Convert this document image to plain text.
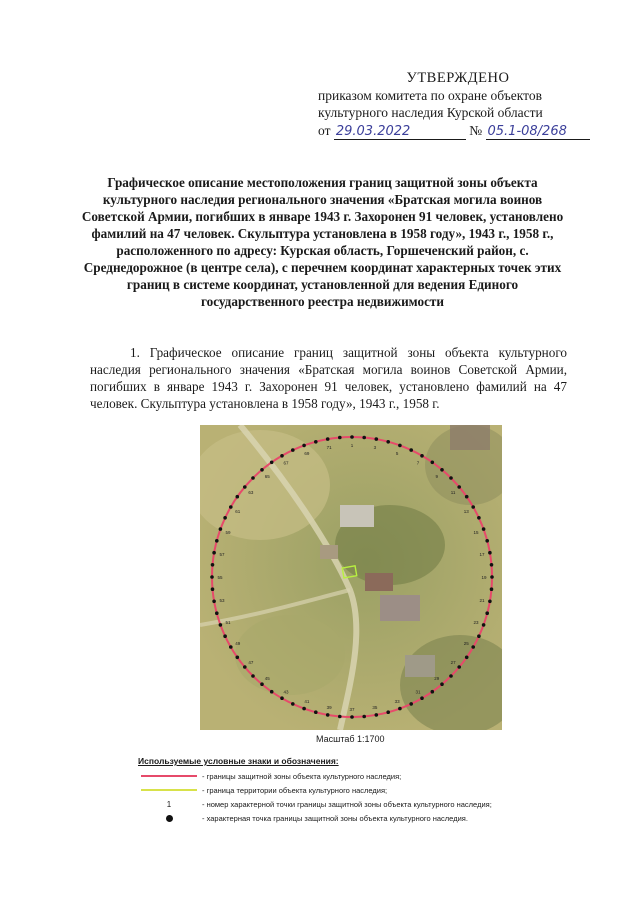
УТВЕРЖДЕНО
приказом комитета по охране объектов
культурного наследия Курской области
от 29.03.2022	№ 05.1-08/268
Графическое описание местоположения границ защитной зоны объекта культурного наследия регионального значения «Братская могила воинов Советской Армии, погибших в январе 1943 г. Захоронен 91 человек, установлено фамилий на 47 человек. Скульптура установлена в 1958 году», 1943 г., 1958 г., расположенного по адресу: Курская область, Горшеченский район, с. Среднедорожное (в центре села), с перечнем координат характерных точек этих границ в системе координат, установленной для ведения Единого государственного реестра недвижимости
1. Графическое описание границ защитной зоны объекта культурного наследия регионального значения «Братская могила воинов Советской Армии, погибших в январе 1943 г. Захоронен 91 человек, установлено фамилий на 47 человек. Скульптура установлена в 1958 году», 1943 г., 1958 г.
1	3
5
7
9
11
13
15
17
19
21
23
25
27
29
31
33
35
37
39
41
43
45
47
49
51
53
55
57
59
61
63
65
67
69
71
Масштаб 1:1700
Используемые условные знаки и обозначения:
- границы защитной зоны объекта культурного наследия;
- граница территории объекта культурного наследия;
1	- номер характерной точки границы защитной зоны объекта культурного наследия;
- характерная точка границы защитной зоны объекта культурного наследия.
